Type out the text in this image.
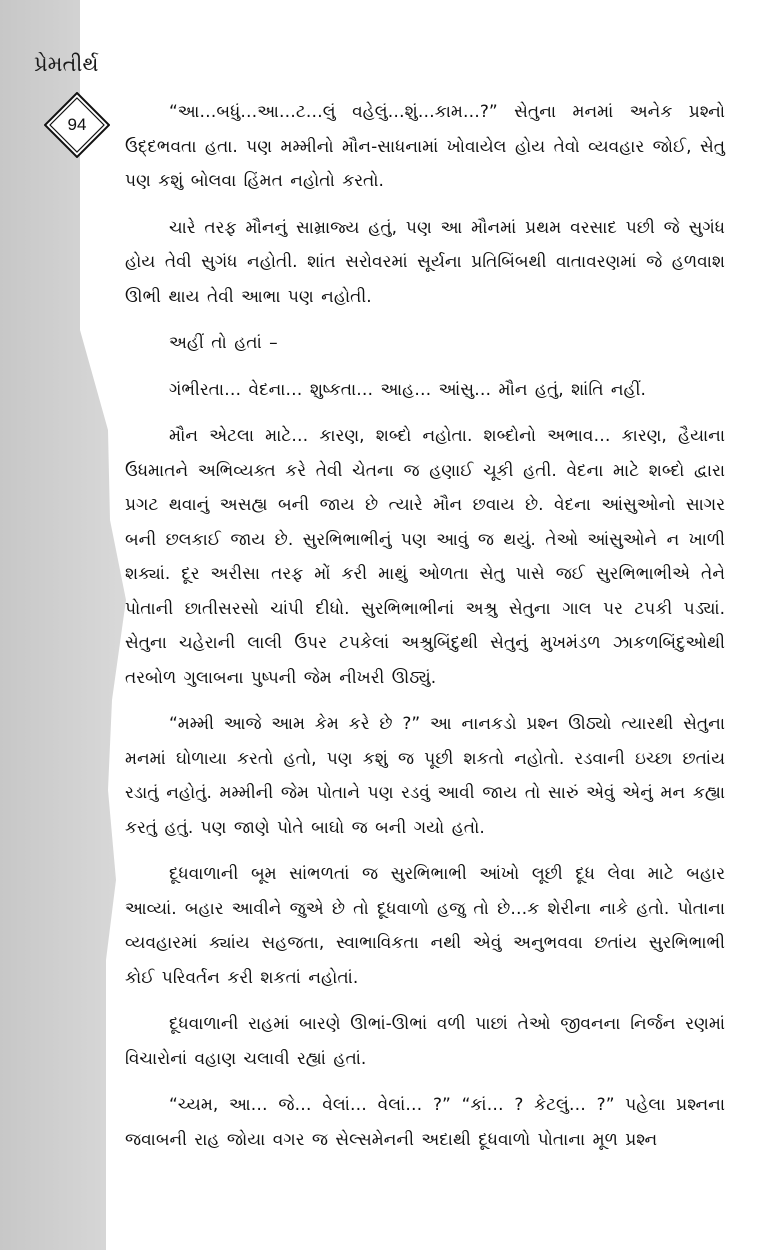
પ્રેમતીર્થ
94

“આ…બધું…આ…ટ…લું વહેલું…શું…કામ…?” સેતુના મનમાં અનેક પ્રશ્નો ઉદ્દભવતા હતા. પણ મમ્મીનો મૌન-સાધનામાં ખોવાયેલ હોય તેવો વ્યવહાર જોઈ, સેતુ પણ કશું બોલવા હિંમત નહોતો કરતો.

ચારે તરફ મૌનનું સામ્રાજ્ય હતું, પણ આ મૌનમાં પ્રથમ વરસાદ પછી જે સુગંધ હોય તેવી સુગંધ નહોતી. શાંત સરોવરમાં સૂર્યના પ્રતિબિંબથી વાતાવરણમાં જે હળવાશ ઊભી થાય તેવી આભા પણ નહોતી.

અહીં તો હતાં –

ગંભીરતા… વેદના… શુષ્કતા… આહ… આંસુ… મૌન હતું, શાંતિ નહીં.

મૌન એટલા માટે… કારણ, શબ્દો નહોતા. શબ્દોનો અભાવ… કારણ, હૈયાના ઉધમાતને અભિવ્યક્ત કરે તેવી ચેતના જ હણાઈ ચૂકી હતી. વેદના માટે શબ્દો દ્વારા પ્રગટ થવાનું અસહ્ય બની જાય છે ત્યારે મૌન છવાય છે. વેદના આંસુઓનો સાગર બની છલકાઈ જાય છે. સુરભિભાભીનું પણ આવું જ થયું. તેઓ આંસુઓને ન ખાળી શક્યાં. દૂર અરીસા તરફ મોં કરી માથું ઓળતા સેતુ પાસે જઈ સુરભિભાભીએ તેને પોતાની છાતીસરસો ચાંપી દીધો. સુરભિભાભીનાં અશ્રુ સેતુના ગાલ પર ટપકી પડ્યાં. સેતુના ચહેરાની લાલી ઉપર ટપકેલાં અશ્રુબિંદુથી સેતુનું મુખમંડળ ઝાકળબિંદુઓથી તરબોળ ગુલાબના પુષ્પની જેમ નીખરી ઊઠ્યું.

“મમ્મી આજે આમ કેમ કરે છે ?” આ નાનકડો પ્રશ્ન ઊઠ્યો ત્યારથી સેતુના મનમાં ઘોળાયા કરતો હતો, પણ કશું જ પૂછી શકતો નહોતો. રડવાની ઇચ્છા છતાંય રડાતું નહોતું. મમ્મીની જેમ પોતાને પણ રડવું આવી જાય તો સારું એવું એનું મન કહ્યા કરતું હતું. પણ જાણે પોતે બાઘો જ બની ગયો હતો.

દૂધવાળાની બૂમ સાંભળતાં જ સુરભિભાભી આંખો લૂછી દૂધ લેવા માટે બહાર આવ્યાં. બહાર આવીને જુએ છે તો દૂધવાળો હજુ તો છે…ક શેરીના નાકે હતો. પોતાના વ્યવહારમાં ક્યાંય સહજતા, સ્વાભાવિકતા નથી એવું અનુભવવા છતાંય સુરભિભાભી કોઈ પરિવર્તન કરી શકતાં નહોતાં.

દૂધવાળાની રાહમાં બારણે ઊભાં-ઊભાં વળી પાછાં તેઓ જીવનના નિર્જન રણમાં વિચારોનાં વહાણ ચલાવી રહ્યાં હતાં.

“ચ્યમ, આ… જે… વેલાં… વેલાં… ?” “કાં… ? કેટલું… ?” પહેલા પ્રશ્નના જવાબની રાહ જોયા વગર જ સેલ્સમેનની અદાથી દૂધવાળો પોતાના મૂળ પ્રશ્ન
